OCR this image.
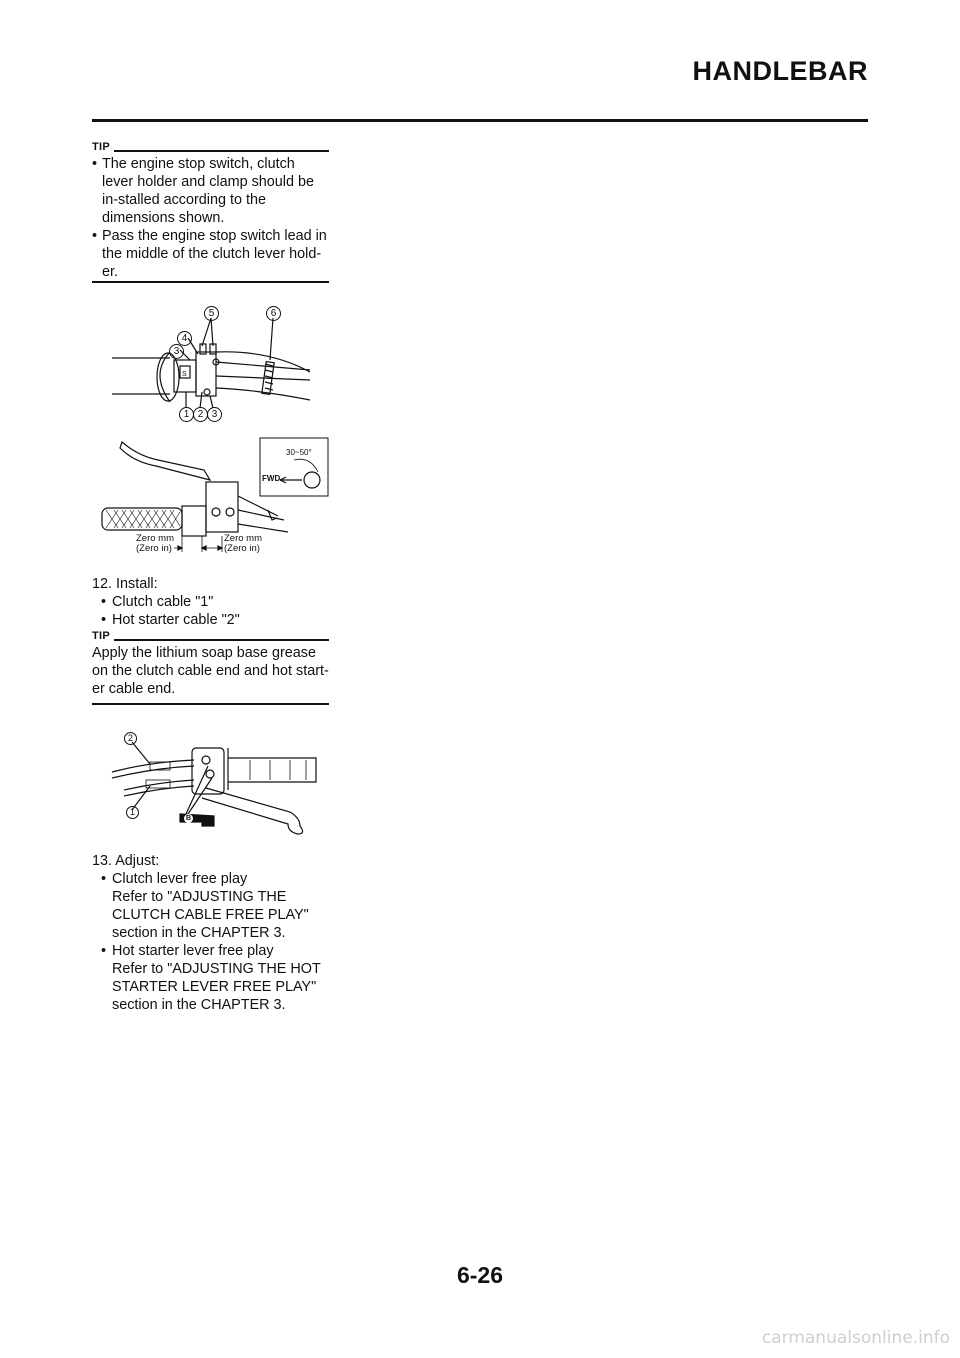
HANDLEBAR
TIP
• The engine stop switch, clutch lever holder and clamp should be in-stalled according to the dimensions shown.
• Pass the engine stop switch lead in the middle of the clutch lever hold-er.
S
5	6
4
3
1 2 3
30~50°
FWD
Zero mm
(Zero in)
Zero mm
(Zero in)
12. Install:
• Clutch cable "1"
• Hot starter cable "2"
TIP
Apply the lithium soap base grease on the clutch cable end and hot start-er cable end.
2
1
B
13. Adjust:
• Clutch lever free play
Refer to "ADJUSTING THE CLUTCH CABLE FREE PLAY" section in the CHAPTER 3.
• Hot starter lever free play
Refer to "ADJUSTING THE HOT STARTER LEVER FREE PLAY" section in the CHAPTER 3.
6-26
carmanualsonline.info
